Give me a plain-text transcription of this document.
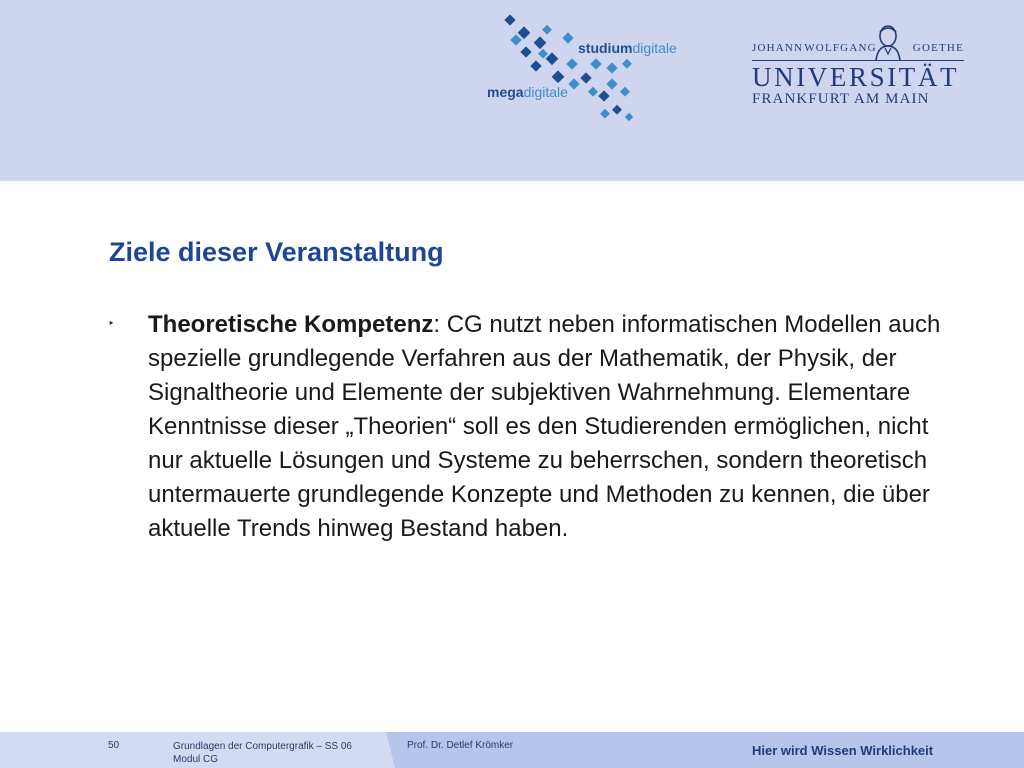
studiumdigitale
megadigitale
JOHANN WOLFGANG	GOETHE
UNIVERSITÄT
FRANKFURT AM MAIN
Ziele dieser Veranstaltung
‣ Theoretische Kompetenz: CG nutzt neben informatischen Modellen auch spezielle grundlegende Verfahren aus der Mathematik, der Physik, der Signaltheorie und Elemente der subjektiven Wahrnehmung. Elementare Kenntnisse dieser „Theorien“ soll es den Studierenden ermöglichen, nicht nur aktuelle Lösungen und Systeme zu beherrschen, sondern theoretisch untermauerte grundlegende Konzepte und Methoden zu kennen, die über aktuelle Trends hinweg Bestand haben.
50	Grundlagen der Computergrafik – SS 06
Modul CG
Prof. Dr. Detlef Krömker	Hier wird Wissen Wirklichkeit
